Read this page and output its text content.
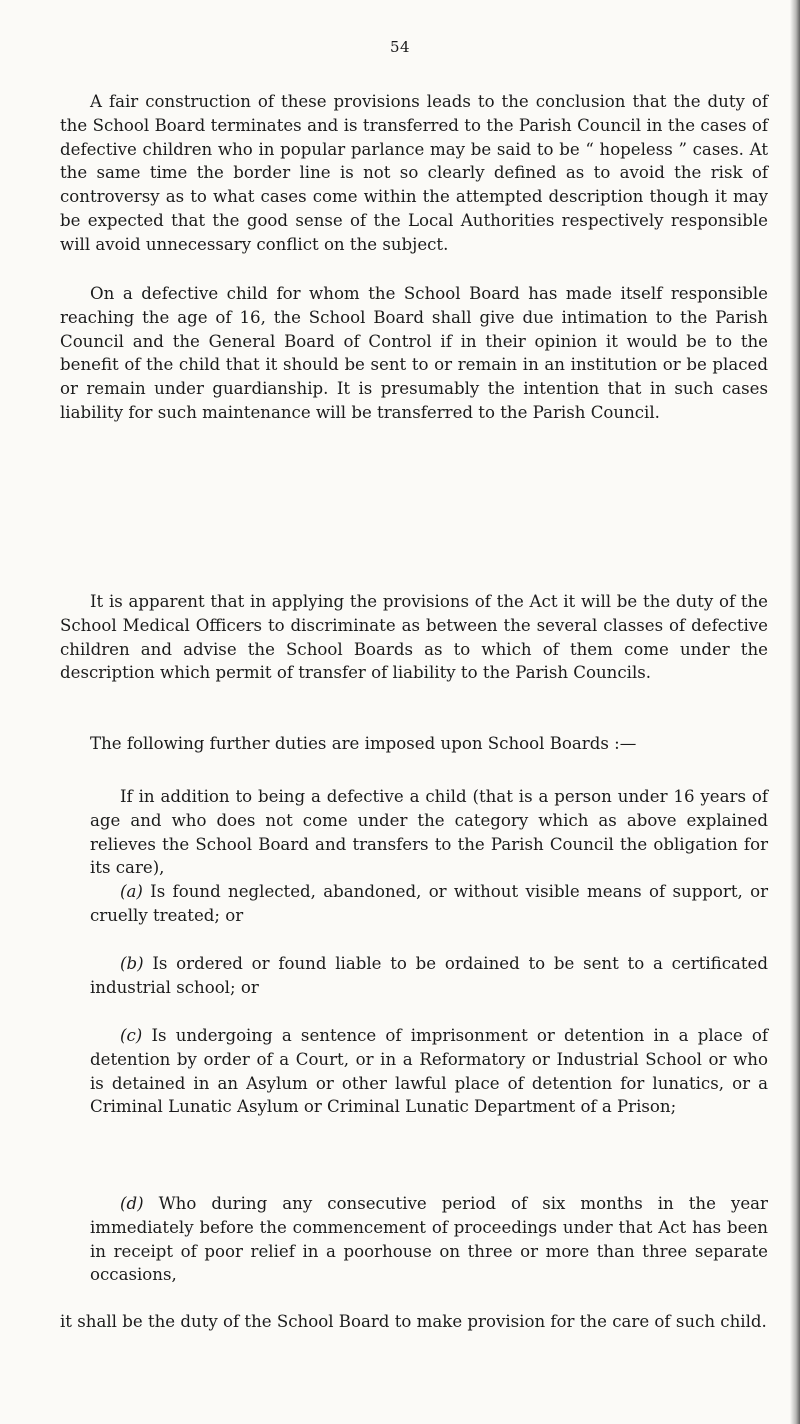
54

A fair construction of these provisions leads to the conclusion that the duty of the School Board terminates and is transferred to the Parish Council in the cases of defective children who in popular parlance may be said to be “ hopeless ” cases. At the same time the border line is not so clearly defined as to avoid the risk of controversy as to what cases come within the attempted description though it may be expected that the good sense of the Local Authorities respectively responsible will avoid unnecessary conflict on the subject.

On a defective child for whom the School Board has made itself responsible reaching the age of 16, the School Board shall give due intimation to the Parish Council and the General Board of Control if in their opinion it would be to the benefit of the child that it should be sent to or remain in an institution or be placed or remain under guardianship. It is presumably the intention that in such cases liability for such maintenance will be transferred to the Parish Council.

It is apparent that in applying the provisions of the Act it will be the duty of the School Medical Officers to discriminate as between the several classes of defective children and advise the School Boards as to which of them come under the description which permit of transfer of liability to the Parish Councils.

The following further duties are imposed upon School Boards :—

If in addition to being a defective a child (that is a person under 16 years of age and who does not come under the category which as above explained relieves the School Board and transfers to the Parish Council the obligation for its care),

(a) Is found neglected, abandoned, or without visible means of support, or cruelly treated; or

(b) Is ordered or found liable to be ordained to be sent to a certificated industrial school; or

(c) Is undergoing a sentence of imprisonment or detention in a place of detention by order of a Court, or in a Reformatory or Industrial School or who is detained in an Asylum or other lawful place of detention for lunatics, or a Criminal Lunatic Asylum or Criminal Lunatic Department of a Prison;

(d) Who during any consecutive period of six months in the year immediately before the commencement of proceedings under that Act has been in receipt of poor relief in a poorhouse on three or more than three separate occasions,

it shall be the duty of the School Board to make provision for the care of such child.
